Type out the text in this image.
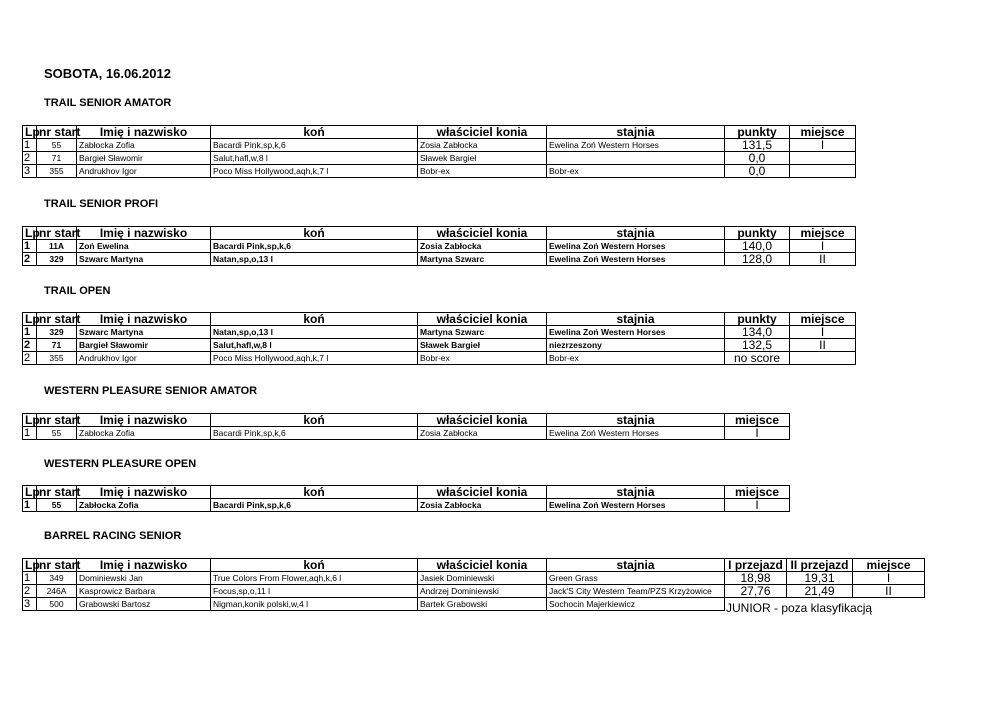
SOBOTA, 16.06.2012
TRAIL SENIOR AMATOR
Lp	nr start	Imię i nazwisko	koń	właściciel konia	stajnia	punkty	miejsce
1	55	Zabłocka Zofia	Bacardi Pink,sp,k,6	Zosia Zabłocka	Ewelina Zoń Western Horses	131,5	I
2	71	Bargieł Sławomir	Salut,hafl,w,8 l	Sławek Bargieł		0,0	
3	355	Andrukhov Igor	Poco Miss Hollywood,aqh,k,7 l	Bobr-ex	Bobr-ex	0,0	
TRAIL SENIOR PROFI
Lp	nr start	Imię i nazwisko	koń	właściciel konia	stajnia	punkty	miejsce
1	11A	Zoń Ewelina	Bacardi Pink,sp,k,6	Zosia Zabłocka	Ewelina Zoń Western Horses	140,0	I
2	329	Szwarc Martyna	Natan,sp,o,13 l	Martyna Szwarc	Ewelina Zoń Western Horses	128,0	II
TRAIL OPEN
Lp	nr start	Imię i nazwisko	koń	właściciel konia	stajnia	punkty	miejsce
1	329	Szwarc Martyna	Natan,sp,o,13 l	Martyna Szwarc	Ewelina Zoń Western Horses	134,0	I
2	71	Bargieł Sławomir	Salut,hafl,w,8 l	Sławek Bargieł	niezrzeszony	132,5	II
2	355	Andrukhov Igor	Poco Miss Hollywood,aqh,k,7 l	Bobr-ex	Bobr-ex	no score	
WESTERN PLEASURE SENIOR AMATOR
Lp	nr start	Imię i nazwisko	koń	właściciel konia	stajnia	miejsce
1	55	Zabłocka Zofia	Bacardi Pink,sp,k,6	Zosia Zabłocka	Ewelina Zoń Western Horses	I
WESTERN PLEASURE OPEN
Lp	nr start	Imię i nazwisko	koń	właściciel konia	stajnia	miejsce
1	55	Zabłocka Zofia	Bacardi Pink,sp,k,6	Zosia Zabłocka	Ewelina Zoń Western Horses	I
BARREL RACING SENIOR
Lp	nr start	Imię i nazwisko	koń	właściciel konia	stajnia	I przejazd	II przejazd	miejsce
1	349	Dominiewski Jan	True Colors From Flower,aqh,k,6 l	Jasiek Dominiewski	Green Grass	18,98	19,31	I
2	246A	Kasprowicz Barbara	Focus,sp,o,11 l	Andrzej Dominiewski	Jack'S City Western Team/PZS Krzyżowice	27,76	21,49	II
3	500	Grabowski Bartosz	Nigman,konik polski,w,4 l	Bartek Grabowski	Sochocin Majerkiewicz				JUNIOR - poza klasyfikacją
